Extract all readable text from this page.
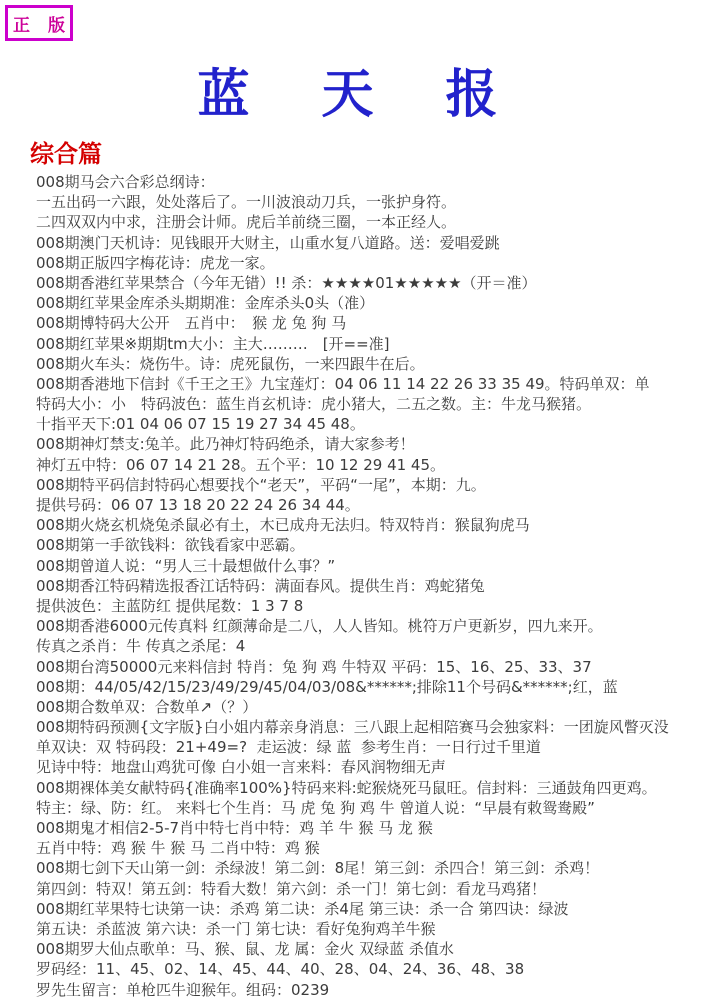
正 版
蓝　天　报
综合篇
008期马会六合彩总纲诗：
一五出码一六跟，处处落后了。一川波浪动刀兵，一张护身符。
二四双双内中求，注册会计师。虎后羊前绕三圈，一本正经人。
008期澳门天机诗：见钱眼开大财主，山重水复八道路。送：爱唱爱跳
008期正版四字梅花诗：虎龙一家。
008期香港红苹果禁合（今年无错）!! 杀：★★★★01★★★★★（开＝准）
008期红苹果金库杀头期期准：金库杀头0头（准）
008期博特码大公开　五肖中：　猴 龙 兔 狗 马
008期红苹果※期期tm大小：主大………　[开==准]
008期火车头：烧伤牛。诗：虎死鼠伤，一来四跟牛在后。
008期香港地下信封《千王之王》九宝莲灯：04 06 11 14 22 26 33 35 49。特码单双：单
特码大小：小　特码波色：蓝生肖玄机诗：虎小猪大，二五之数。主：牛龙马猴猪。
十指平天下:01 04 06 07 15 19 27 34 45 48。
008期神灯禁支:兔羊。此乃神灯特码绝杀，请大家参考！
神灯五中特：06 07 14 21 28。五个平：10 12 29 41 45。
008期特平码信封特码心想要找个“老天”，平码“一尾”，本期：九。
提供号码：06 07 13 18 20 22 24 26 34 44。
008期火烧玄机烧兔杀鼠必有土，木已成舟无法归。特双特肖：猴鼠狗虎马
008期第一手欲钱料：欲钱看家中恶霸。
008期曾道人说：“男人三十最想做什么事？”
008期香江特码精选报香江话特码：满面春风。提供生肖：鸡蛇猪兔
提供波色：主蓝防红 提供尾数：1 3 7 8
008期香港6000元传真料 红颜薄命是二八，人人皆知。桃符万户更新岁，四九来开。
传真之杀肖：牛 传真之杀尾：4
008期台湾50000元来料信封 特肖：兔 狗 鸡 牛特双 平码：15、16、25、33、37
008期：44/05/42/15/23/49/29/45/04/03/08&******;排除11个号码&******;红，蓝
008期合数单双：合数单↗（？）
008期特码预测{文字版}白小姐内幕亲身消息：三八跟上起相陪赛马会独家料：一团旋风瞥灭没
单双诀：双 特码段：21+49=?  走运波：绿 蓝  参考生肖：一日行过千里道
见诗中特：地盘山鸡犹可像 白小姐一言来料：春风润物细无声
008期裸体美女献特码{准确率100%}特码来料:蛇猴烧死马鼠旺。信封料：三通鼓角四更鸡。
特主：绿、防：红。 来料七个生肖：马 虎 兔 狗 鸡 牛 曾道人说：“早晨有敕鸳鸯殿”
008期鬼才相信2-5-7肖中特七肖中特：鸡 羊 牛 猴 马 龙 猴
五肖中特：鸡 猴 牛 猴 马 二肖中特：鸡 猴
008期七剑下天山第一剑：杀绿波！第二剑：8尾！第三剑：杀四合！第三剑：杀鸡！
第四剑：特双！第五剑：特看大数！第六剑：杀一门！第七剑：看龙马鸡猪！
008期红苹果特七诀第一诀：杀鸡 第二诀：杀4尾 第三诀：杀一合 第四诀：绿波
第五诀：杀蓝波 第六诀：杀一门 第七诀：看好兔狗鸡羊牛猴
008期罗大仙点歌单：马、猴、鼠、龙 属：金火 双绿蓝 杀值水
罗码经：11、45、02、14、45、44、40、28、04、24、36、48、38
罗先生留言：单枪匹牛迎猴年。组码：0239
